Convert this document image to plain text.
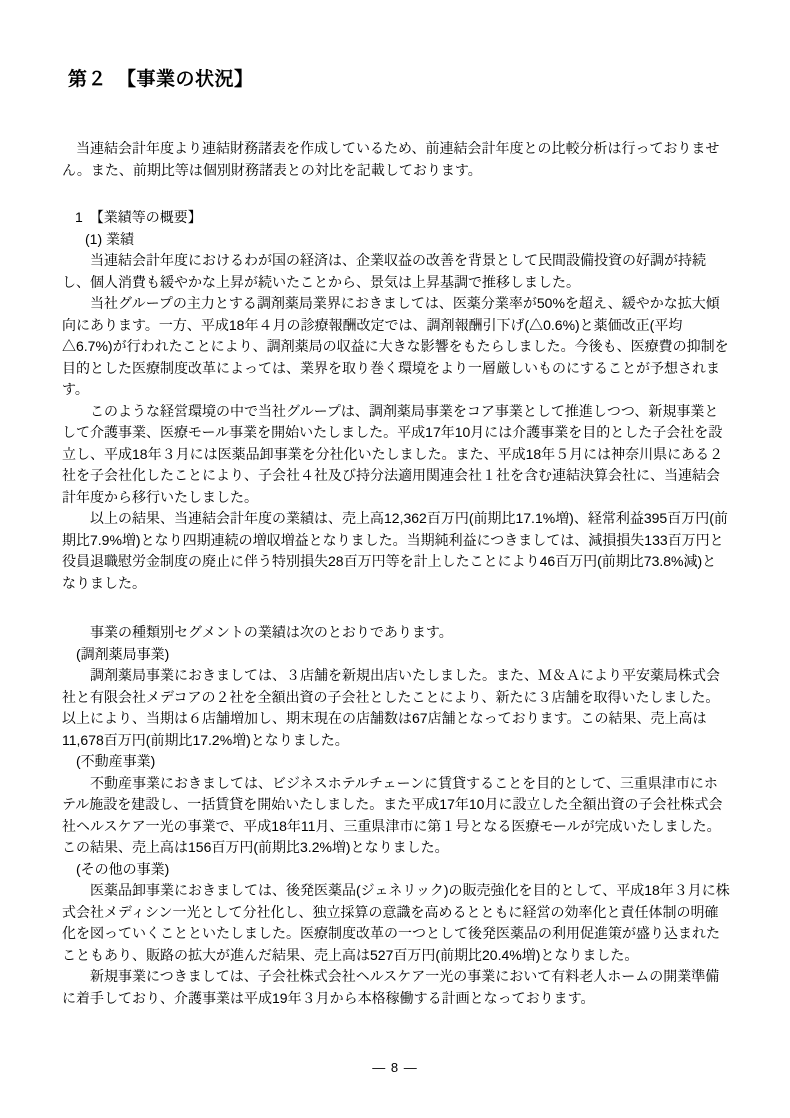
第２　【事業の状況】

当連結会計年度より連結財務諸表を作成しているため、前連結会計年度との比較分析は行っておりません。また、前期比等は個別財務諸表との対比を記載しております。

1　【業績等の概要】
(1) 業績

当連結会計年度におけるわが国の経済は、企業収益の改善を背景として民間設備投資の好調が持続し、個人消費も緩やかな上昇が続いたことから、景気は上昇基調で推移しました。

当社グループの主力とする調剤薬局業界におきましては、医薬分業率が50%を超え、緩やかな拡大傾向にあります。一方、平成18年４月の診療報酬改定では、調剤報酬引下げ(△0.6%)と薬価改正(平均△6.7%)が行われたことにより、調剤薬局の収益に大きな影響をもたらしました。今後も、医療費の抑制を目的とした医療制度改革によっては、業界を取り巻く環境をより一層厳しいものにすることが予想されます。

このような経営環境の中で当社グループは、調剤薬局事業をコア事業として推進しつつ、新規事業として介護事業、医療モール事業を開始いたしました。平成17年10月には介護事業を目的とした子会社を設立し、平成18年３月には医薬品卸事業を分社化いたしました。また、平成18年５月には神奈川県にある２社を子会社化したことにより、子会社４社及び持分法適用関連会社１社を含む連結決算会社に、当連結会計年度から移行いたしました。

以上の結果、当連結会計年度の業績は、売上高12,362百万円(前期比17.1%増)、経常利益395百万円(前期比7.9%増)となり四期連続の増収増益となりました。当期純利益につきましては、減損損失133百万円と役員退職慰労金制度の廃止に伴う特別損失28百万円等を計上したことにより46百万円(前期比73.8%減)となりました。

事業の種類別セグメントの業績は次のとおりであります。

(調剤薬局事業)

調剤薬局事業におきましては、３店舗を新規出店いたしました。また、Ｍ＆Ａにより平安薬局株式会社と有限会社メデコアの２社を全額出資の子会社としたことにより、新たに３店舗を取得いたしました。以上により、当期は６店舗増加し、期末現在の店舗数は67店舗となっております。この結果、売上高は11,678百万円(前期比17.2%増)となりました。

(不動産事業)

不動産事業におきましては、ビジネスホテルチェーンに賃貸することを目的として、三重県津市にホテル施設を建設し、一括賃貸を開始いたしました。また平成17年10月に設立した全額出資の子会社株式会社ヘルスケア一光の事業で、平成18年11月、三重県津市に第１号となる医療モールが完成いたしました。この結果、売上高は156百万円(前期比3.2%増)となりました。

(その他の事業)

医薬品卸事業におきましては、後発医薬品(ジェネリック)の販売強化を目的として、平成18年３月に株式会社メディシン一光として分社化し、独立採算の意識を高めるとともに経営の効率化と責任体制の明確化を図っていくことといたしました。医療制度改革の一つとして後発医薬品の利用促進策が盛り込まれたこともあり、販路の拡大が進んだ結果、売上高は527百万円(前期比20.4%増)となりました。

新規事業につきましては、子会社株式会社ヘルスケア一光の事業において有料老人ホームの開業準備に着手しており、介護事業は平成19年３月から本格稼働する計画となっております。

― 8 ―
